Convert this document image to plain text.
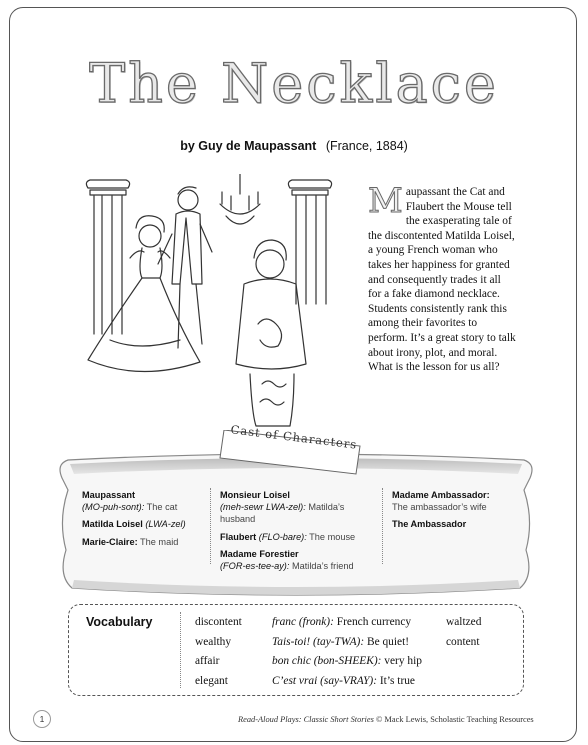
The Necklace
by Guy de Maupassant (France, 1884)
Maupassant the Cat and Flaubert the Mouse tell the exasperating tale of the discontented Matilda Loisel, a young French woman who takes her happiness for granted and consequently trades it all for a fake diamond necklace. Students consistently rank this among their favorites to perform. It’s a great story to talk about irony, plot, and moral. What is the lesson for us all?
Cast of Characters
Maupassant
(MO-puh-sont): The cat
Matilda Loisel (LWA-zel)
Marie-Claire: The maid
Monsieur Loisel
(meh-sewr LWA-zel): Matilda’s husband
Flaubert (FLO-bare): The mouse
Madame Forestier
(FOR-es-tee-ay): Matilda’s friend
Madame Ambassador:
The ambassador’s wife
The Ambassador
Vocabulary	discontent
wealthy
affair
elegant
franc (fronk): French currency
Tais-toi! (tay-TWA): Be quiet!
bon chic (bon-SHEEK): very hip
C’est vrai (say-VRAY): It’s true
waltzed
content
1	Read-Aloud Plays: Classic Short Stories © Mack Lewis, Scholastic Teaching Resources
